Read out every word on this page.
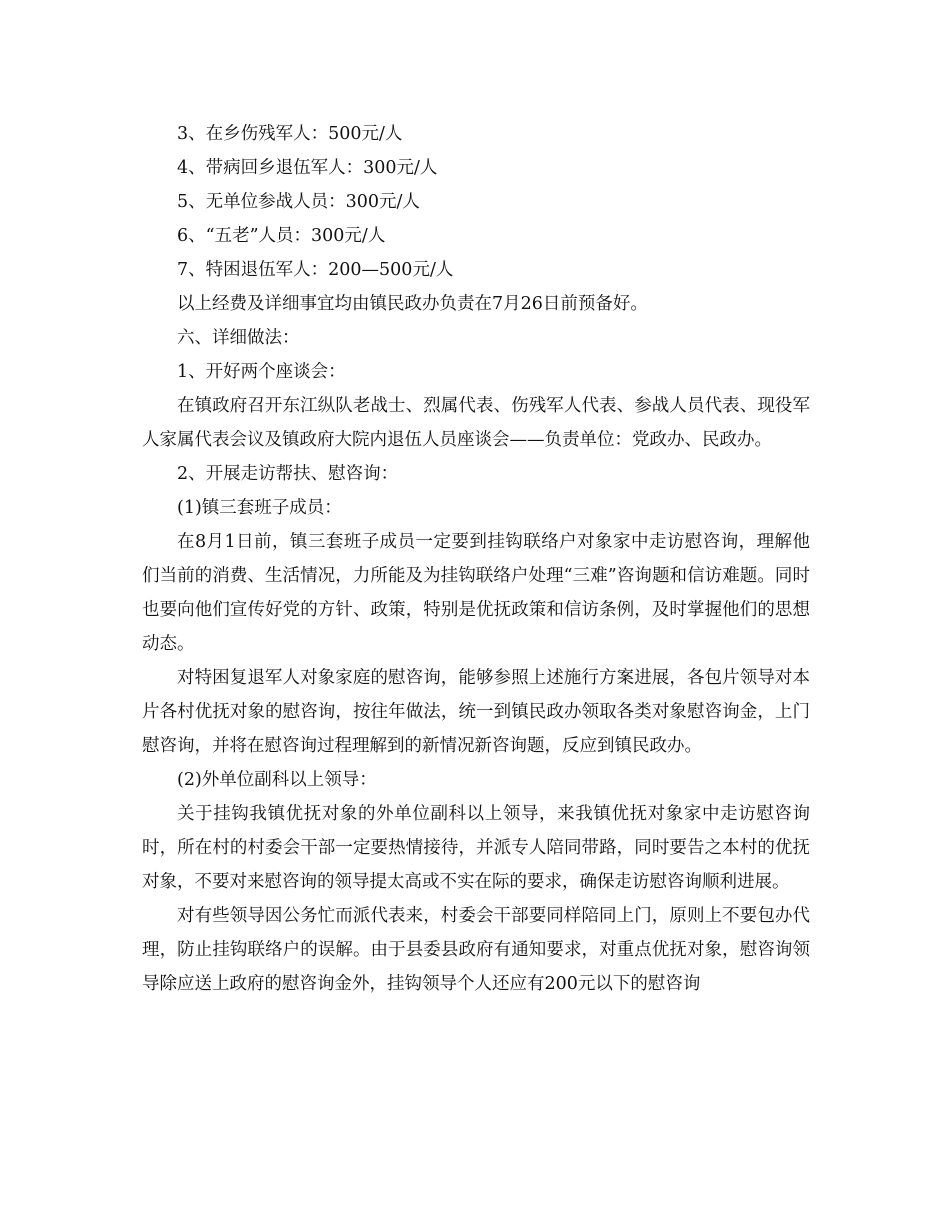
3、在乡伤残军人：500元/人

4、带病回乡退伍军人：300元/人

5、无单位参战人员：300元/人

6、“五老”人员：300元/人

7、特困退伍军人：200—500元/人

以上经费及详细事宜均由镇民政办负责在7月26日前预备好。

六、详细做法：

1、开好两个座谈会：

在镇政府召开东江纵队老战士、烈属代表、伤残军人代表、参战人员代表、现役军人家属代表会议及镇政府大院内退伍人员座谈会——负责单位：党政办、民政办。

2、开展走访帮扶、慰咨询：

(1)镇三套班子成员：

在8月1日前，镇三套班子成员一定要到挂钩联络户对象家中走访慰咨询，理解他们当前的消费、生活情况，力所能及为挂钩联络户处理“三难”咨询题和信访难题。同时也要向他们宣传好党的方针、政策，特别是优抚政策和信访条例，及时掌握他们的思想动态。

对特困复退军人对象家庭的慰咨询，能够参照上述施行方案进展，各包片领导对本片各村优抚对象的慰咨询，按往年做法，统一到镇民政办领取各类对象慰咨询金，上门慰咨询，并将在慰咨询过程理解到的新情况新咨询题，反应到镇民政办。

(2)外单位副科以上领导：

关于挂钩我镇优抚对象的外单位副科以上领导，来我镇优抚对象家中走访慰咨询时，所在村的村委会干部一定要热情接待，并派专人陪同带路，同时要告之本村的优抚对象，不要对来慰咨询的领导提太高或不实在际的要求，确保走访慰咨询顺利进展。

对有些领导因公务忙而派代表来，村委会干部要同样陪同上门，原则上不要包办代理，防止挂钩联络户的误解。由于县委县政府有通知要求，对重点优抚对象，慰咨询领导除应送上政府的慰咨询金外，挂钩领导个人还应有200元以下的慰咨询
